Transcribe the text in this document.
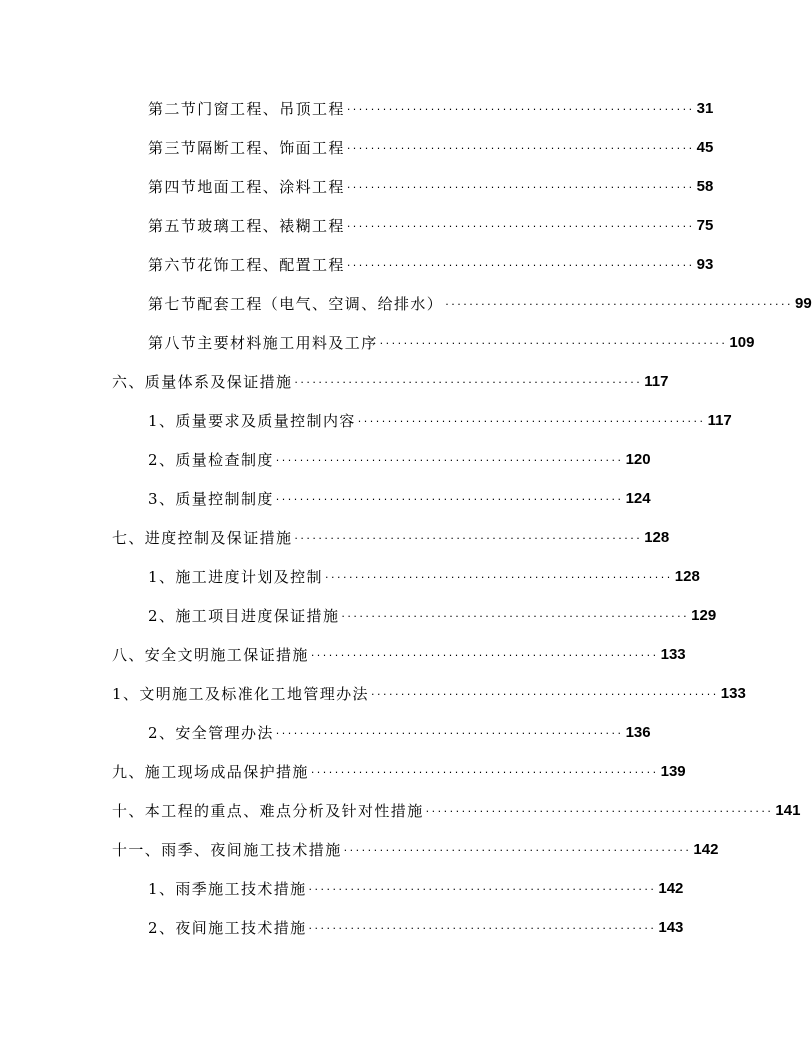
第二节门窗工程、吊顶工程 ·························································· 31
第三节隔断工程、饰面工程 ·························································· 45
第四节地面工程、涂料工程 ·························································· 58
第五节玻璃工程、裱糊工程 ·························································· 75
第六节花饰工程、配置工程 ·························································· 93
第七节配套工程（电气、空调、给排水） ·························································· 99
第八节主要材料施工用料及工序 ·························································· 109
六、质量体系及保证措施 ·························································· 117
1、质量要求及质量控制内容 ·························································· 117
2、质量检查制度 ·························································· 120
3、质量控制制度 ·························································· 124
七、进度控制及保证措施 ·························································· 128
1、施工进度计划及控制 ·························································· 128
2、施工项目进度保证措施 ·························································· 129
八、安全文明施工保证措施 ·························································· 133
1、文明施工及标准化工地管理办法 ·························································· 133
2、安全管理办法 ·························································· 136
九、施工现场成品保护措施 ·························································· 139
十、本工程的重点、难点分析及针对性措施 ·························································· 141
十一、雨季、夜间施工技术措施 ·························································· 142
1、雨季施工技术措施 ·························································· 142
2、夜间施工技术措施 ·························································· 143
